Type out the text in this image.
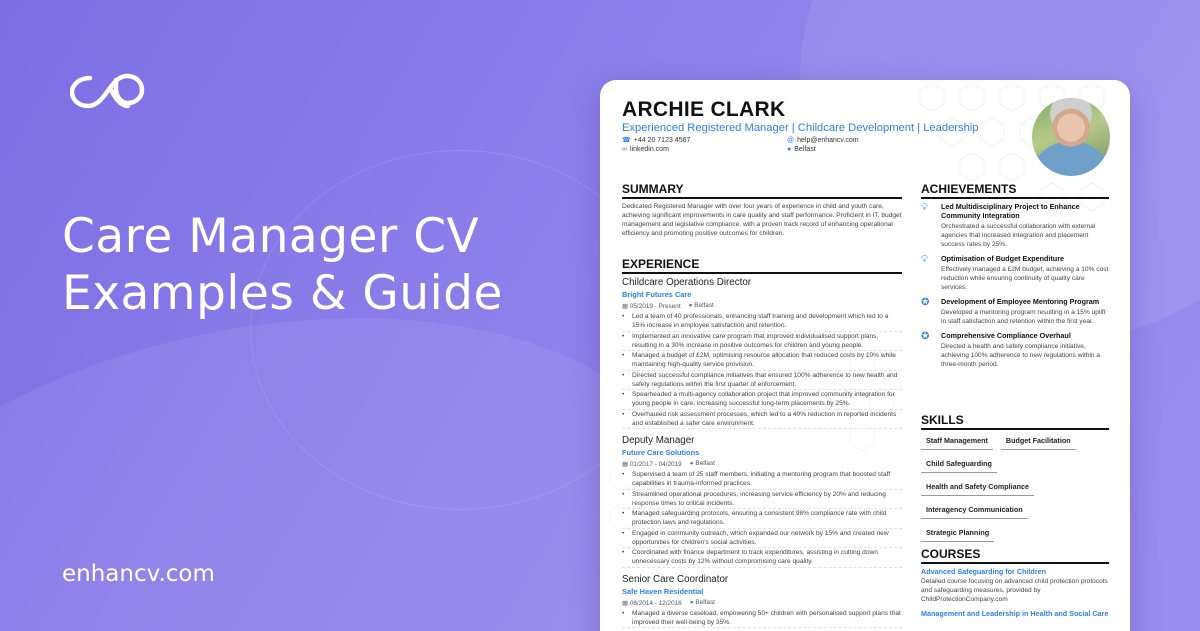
Care Manager CV
Examples & Guide
enhancv.com
ARCHIE CLARK
Experienced Registered Manager | Childcare Development | Leadership
☎ +44 20 7123 4567	@ help@enhancv.com
∞ linkedin.com	● Belfast
SUMMARY
Dedicated Registered Manager with over four years of experience in child and youth care, achieving significant improvements in care quality and staff performance. Proficient in IT, budget management and legislative compliance, with a proven track record of enhancing operational efficiency and promoting positive outcomes for children.
EXPERIENCE
Childcare Operations Director
Bright Futures Care
▦ 05/2019 - Present ● Belfast
• Led a team of 40 professionals, enhancing staff training and development which led to a 15% increase in employee satisfaction and retention.
• Implemented an innovative care program that improved individualised support plans, resulting in a 30% increase in positive outcomes for children and young people.
• Managed a budget of £2M, optimising resource allocation that reduced costs by 10% while maintaining high-quality service provision.
• Directed successful compliance initiatives that ensured 100% adherence to new health and safety regulations within the first quarter of enforcement.
• Spearheaded a multi-agency collaboration project that improved community integration for young people in care, increasing successful long-term placements by 25%.
• Overhauled risk assessment processes, which led to a 40% reduction in reported incidents and established a safer care environment.
Deputy Manager
Future Care Solutions
▦ 01/2017 - 04/2019 ● Belfast
• Supervised a team of 25 staff members, initiating a mentoring program that boosted staff capabilities in trauma-informed practices.
• Streamlined operational procedures, increasing service efficiency by 20% and reducing response times to critical incidents.
• Managed safeguarding protocols, ensuring a consistent 98% compliance rate with child protection laws and regulations.
• Engaged in community outreach, which expanded our network by 15% and created new opportunities for children's social activities.
• Coordinated with finance department to track expenditures, assisting in cutting down unnecessary costs by 12% without compromising care quality.
Senior Care Coordinator
Safe Haven Residential
▦ 08/2014 - 12/2016 ● Belfast
• Managed a diverse caseload, empowering 50+ children with personalised support plans that improved their well-being by 35%.
ACHIEVEMENTS
💡︎	Led Multidisciplinary Project to Enhance Community Integration
Orchestrated a successful collaboration with external agencies that increased integration and placement success rates by 25%.
💡︎	Optimisation of Budget Expenditure
Effectively managed a £2M budget, achieving a 10% cost reduction while ensuring continuity of quality care services.
✪	Development of Employee Mentoring Program
Developed a mentoring program resulting in a 15% uplift in staff satisfaction and retention within the first year.
✪	Comprehensive Compliance Overhaul
Directed a health and safety compliance initiative, achieving 100% adherence to new regulations within a three-month period.
SKILLS
Staff Management	Budget Facilitation
Child Safeguarding
Health and Safety Compliance
Interagency Communication
Strategic Planning
COURSES
Advanced Safeguarding for Children
Detailed course focusing on advanced child protection protocols and safeguarding measures, provided by ChildProtectionCompany.com
Management and Leadership in Health and Social Care
